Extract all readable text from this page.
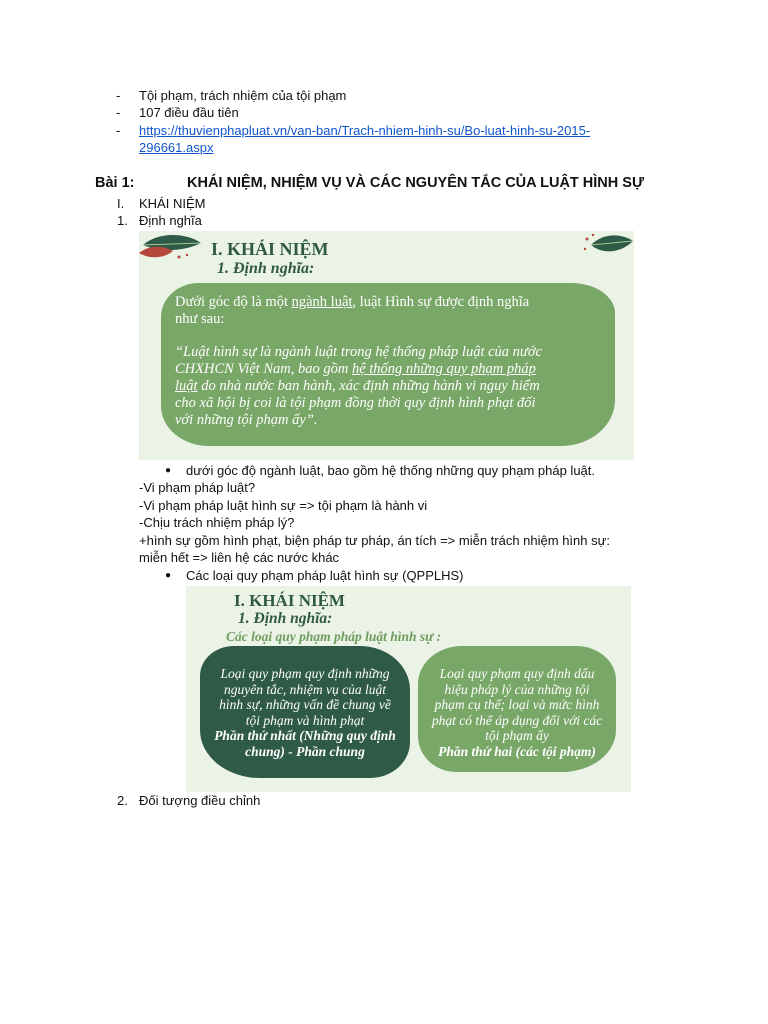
- Tội phạm, trách nhiệm của tội phạm
- 107 điều đầu tiên
- https://thuvienphapluat.vn/van-ban/Trach-nhiem-hinh-su/Bo-luat-hinh-su-2015-
296661.aspx
Bài 1:	KHÁI NIỆM, NHIỆM VỤ VÀ CÁC NGUYÊN TẮC CỦA LUẬT HÌNH SỰ
I. KHÁI NIỆM
1. Định nghĩa
I. KHÁI NIỆM
1. Định nghĩa:
Dưới góc độ là một ngành luật, luật Hình sự được định nghĩa
như sau:
“Luật hình sự là ngành luật trong hệ thống pháp luật của nước
CHXHCN Việt Nam, bao gồm hệ thống những quy phạm pháp
luật do nhà nước ban hành, xác định những hành vi nguy hiểm
cho xã hội bị coi là tội phạm đồng thời quy định hình phạt đối
với những tội phạm ấy”.
● dưới góc độ ngành luật, bao gồm hệ thống những quy phạm pháp luật.
-Vi phạm pháp luật?
-Vi phạm pháp luật hình sự => tội phạm là hành vi
-Chịu trách nhiệm pháp lý?
+hình sự gồm hình phạt, biện pháp tư pháp, án tích => miễn trách nhiệm hình sự:
miễn hết => liên hệ các nước khác
● Các loại quy phạm pháp luật hình sự (QPPLHS)
I. KHÁI NIỆM
1. Định nghĩa:
Các loại quy phạm pháp luật hình sự :
Loại quy phạm quy định những
nguyên tắc, nhiệm vụ của luật
hình sự, những vấn đề chung về
tội phạm và hình phạt
Phần thứ nhất (Những quy định
chung) - Phần chung
Loại quy phạm quy định dấu
hiệu pháp lý của những tội
phạm cụ thể; loại và mức hình
phạt có thể áp dụng đối với các
tội phạm ấy
Phần thứ hai (các tội phạm)
2. Đối tượng điều chỉnh
